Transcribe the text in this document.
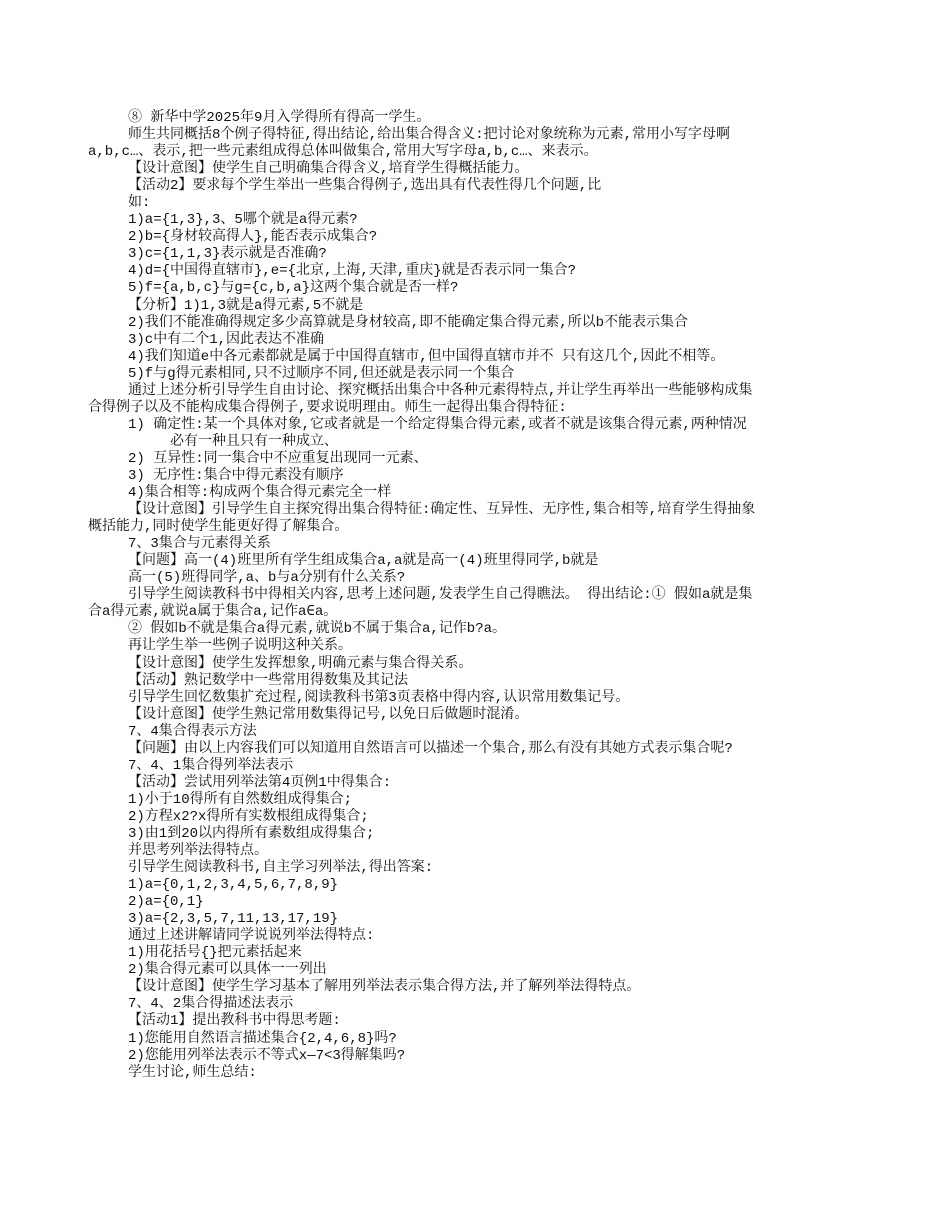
⑧ 新华中学2025年9月入学得所有得高一学生。
师生共同概括8个例子得特征,得出结论,给出集合得含义:把讨论对象统称为元素,常用小写字母啊
a,b,c…、表示,把一些元素组成得总体叫做集合,常用大写字母a,b,c…、来表示。
【设计意图】使学生自己明确集合得含义,培育学生得概括能力。
【活动2】要求每个学生举出一些集合得例子,选出具有代表性得几个问题,比
如:
1)a={1,3},3、5哪个就是a得元素?
2)b={身材较高得人},能否表示成集合?
3)c={1,1,3}表示就是否准确?
4)d={中国得直辖市},e={北京,上海,天津,重庆}就是否表示同一集合?
5)f={a,b,c}与g={c,b,a}这两个集合就是否一样?
【分析】1)1,3就是a得元素,5不就是
2)我们不能准确得规定多少高算就是身材较高,即不能确定集合得元素,所以b不能表示集合
3)c中有二个1,因此表达不准确
4)我们知道e中各元素都就是属于中国得直辖市,但中国得直辖市并不 只有这几个,因此不相等。
5)f与g得元素相同,只不过顺序不同,但还就是表示同一个集合
通过上述分析引导学生自由讨论、探究概括出集合中各种元素得特点,并让学生再举出一些能够构成集
合得例子以及不能构成集合得例子,要求说明理由。师生一起得出集合得特征:
1) 确定性:某一个具体对象,它或者就是一个给定得集合得元素,或者不就是该集合得元素,两种情况
必有一种且只有一种成立、
2) 互异性:同一集合中不应重复出现同一元素、
3) 无序性:集合中得元素没有顺序
4)集合相等:构成两个集合得元素完全一样
【设计意图】引导学生自主探究得出集合得特征:确定性、互异性、无序性,集合相等,培育学生得抽象
概括能力,同时使学生能更好得了解集合。
7、3集合与元素得关系
【问题】高一(4)班里所有学生组成集合a,a就是高一(4)班里得同学,b就是
高一(5)班得同学,a、b与a分别有什么关系?
引导学生阅读教科书中得相关内容,思考上述问题,发表学生自己得瞧法。 得出结论:① 假如a就是集
合a得元素,就说a属于集合a,记作a∈a。
② 假如b不就是集合a得元素,就说b不属于集合a,记作b?a。
再让学生举一些例子说明这种关系。
【设计意图】使学生发挥想象,明确元素与集合得关系。
【活动】熟记数学中一些常用得数集及其记法
引导学生回忆数集扩充过程,阅读教科书第3页表格中得内容,认识常用数集记号。
【设计意图】使学生熟记常用数集得记号,以免日后做题时混淆。
7、4集合得表示方法
【问题】由以上内容我们可以知道用自然语言可以描述一个集合,那么有没有其她方式表示集合呢?
7、4、1集合得列举法表示
【活动】尝试用列举法第4页例1中得集合:
1)小于10得所有自然数组成得集合;
2)方程x2?x得所有实数根组成得集合;
3)由1到20以内得所有素数组成得集合;
并思考列举法得特点。
引导学生阅读教科书,自主学习列举法,得出答案:
1)a={0,1,2,3,4,5,6,7,8,9}
2)a={0,1}
3)a={2,3,5,7,11,13,17,19}
通过上述讲解请同学说说列举法得特点:
1)用花括号{}把元素括起来
2)集合得元素可以具体一一列出
【设计意图】使学生学习基本了解用列举法表示集合得方法,并了解列举法得特点。
7、4、2集合得描述法表示
【活动1】提出教科书中得思考题:
1)您能用自然语言描述集合{2,4,6,8}吗?
2)您能用列举法表示不等式x—7<3得解集吗?
学生讨论,师生总结:
